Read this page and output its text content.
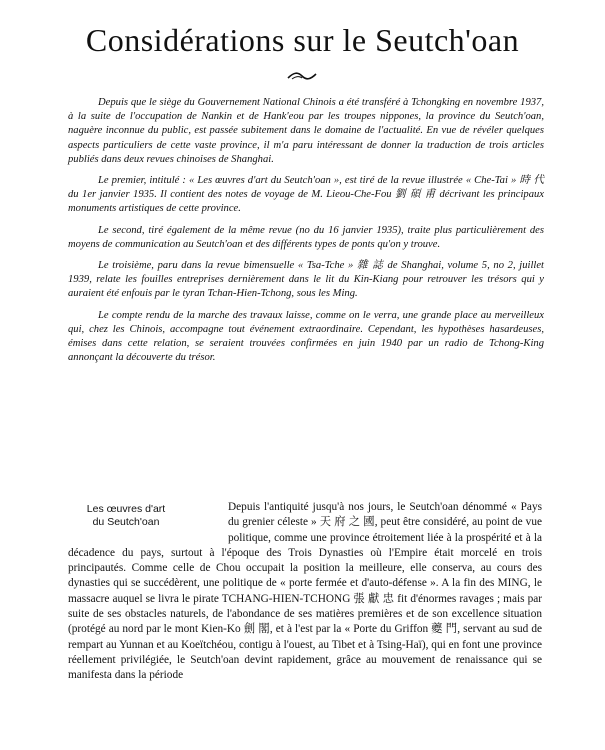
Considérations sur le Seutch'oan

Depuis que le siège du Gouvernement National Chinois a été transféré à Tchongking en novembre 1937, à la suite de l'occupation de Nankin et de Hank'eou par les troupes nippones, la province du Seutch'oan, naguère inconnue du public, est passée subitement dans le domaine de l'actualité. En vue de révéler quelques aspects particuliers de cette vaste province, il m'a paru intéressant de donner la traduction de trois articles publiés dans deux revues chinoises de Shanghai.

Le premier, intitulé : « Les œuvres d'art du Seutch'oan », est tiré de la revue illustrée « Che-Tai » 時 代 du 1er janvier 1935. Il contient des notes de voyage de M. Lieou-Che-Fou 劉 碩 甫 décrivant les principaux monuments artistiques de cette province.

Le second, tiré également de la même revue (no du 16 janvier 1935), traite plus particulièrement des moyens de communication au Seutch'oan et des différents types de ponts qu'on y trouve.

Le troisième, paru dans la revue bimensuelle « Tsa-Tche » 雜 誌 de Shanghai, volume 5, no 2, juillet 1939, relate les fouilles entreprises dernièrement dans le lit du Kin-Kiang pour retrouver les trésors qui y auraient été enfouis par le tyran Tchan-Hien-Tchong, sous les Ming.

Le compte rendu de la marche des travaux laisse, comme on le verra, une grande place au merveilleux qui, chez les Chinois, accompagne tout événement extraordinaire. Cependant, les hypothèses hasardeuses, émises dans cette relation, se seraient trouvées confirmées en juin 1940 par un radio de Tchong-King annonçant la découverte du trésor.

Les œuvres d'art
du Seutch'oan

Depuis l'antiquité jusqu'à nos jours, le Seutch'oan dénommé « Pays du grenier céleste » 天 府 之 國, peut être considéré, au point de vue politique, comme une province étroitement liée à la prospérité et à la décadence du pays, surtout à l'époque des Trois Dynasties où l'Empire était morcelé en trois principautés. Comme celle de Chou occupait la position la meilleure, elle conserva, au cours des dynasties qui se succédèrent, une politique de « porte fermée et d'auto-défense ». A la fin des MING, le massacre auquel se livra le pirate TCHANG-HIEN-TCHONG 張 獻 忠 fit d'énormes ravages ; mais par suite de ses obstacles naturels, de l'abondance de ses matières premières et de son excellence situation (protégé au nord par le mont Kien-Ko 劍 閣, et à l'est par la « Porte du Griffon 夔 門, servant au sud de rempart au Yunnan et au Koeïtchéou, contigu à l'ouest, au Tibet et à Tsing-Haï), qui en font une province réellement privilégiée, le Seutch'oan devint rapidement, grâce au mouvement de renaissance qui se manifesta dans la période
